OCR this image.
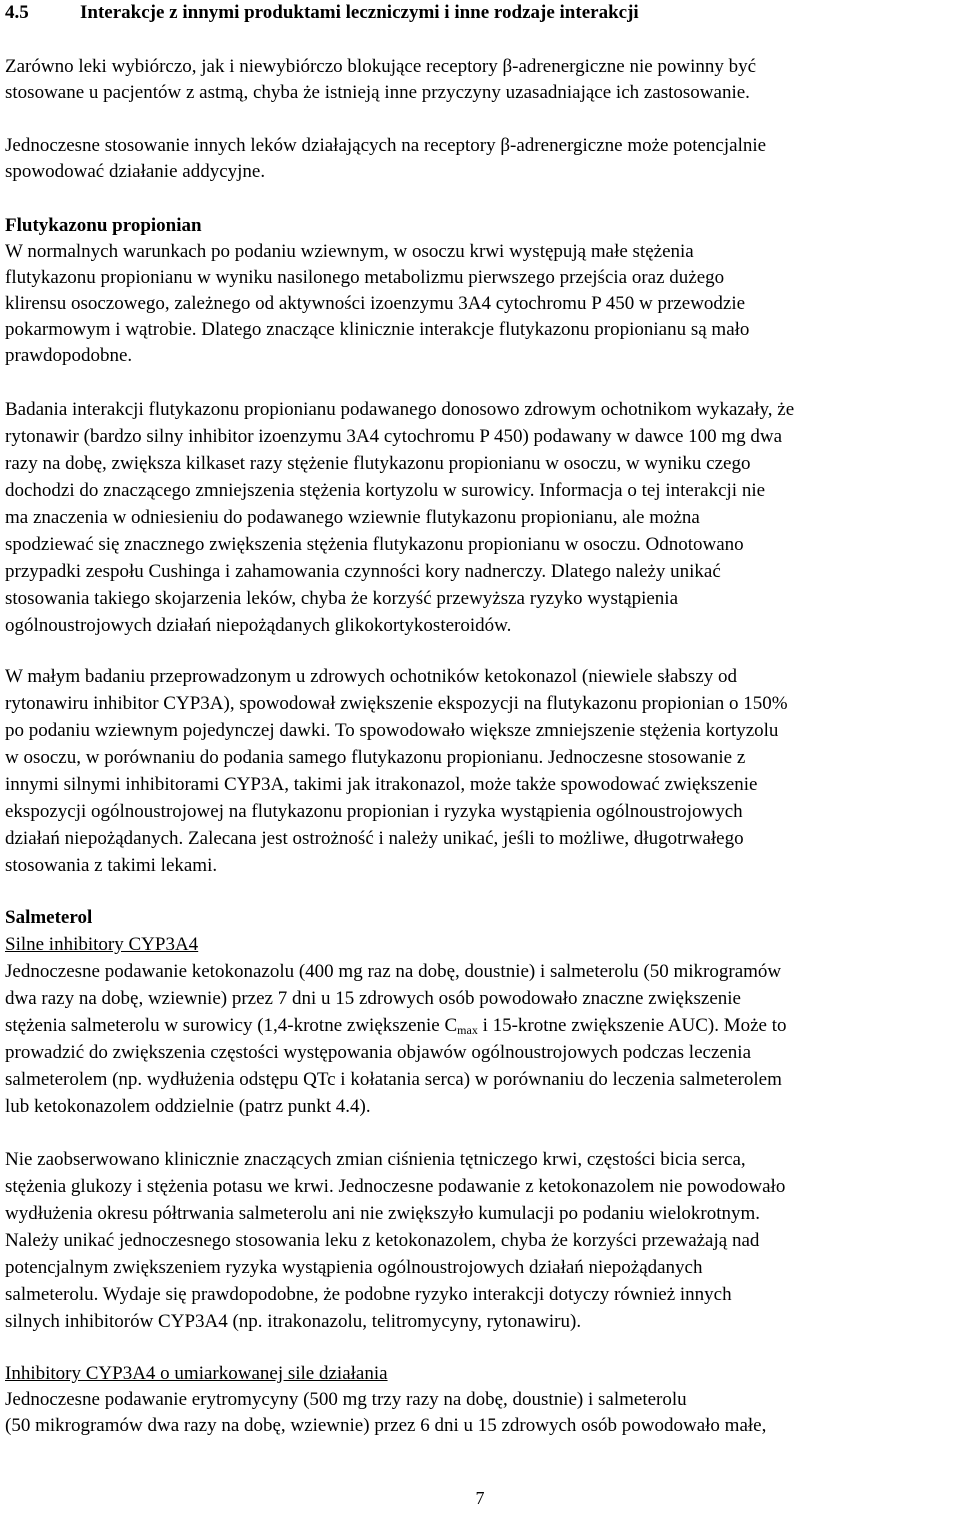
4.5	Interakcje z innymi produktami leczniczymi i inne rodzaje interakcji

Zarówno leki wybiórczo, jak i niewybiórczo blokujące receptory β-adrenergiczne nie powinny być

stosowane u pacjentów z astmą, chyba że istnieją inne przyczyny uzasadniające ich zastosowanie.

Jednoczesne stosowanie innych leków działających na receptory β-adrenergiczne może potencjalnie

spowodować działanie addycyjne.

Flutykazonu propionian

W normalnych warunkach po podaniu wziewnym, w osoczu krwi występują małe stężenia

flutykazonu propionianu w wyniku nasilonego metabolizmu pierwszego przejścia oraz dużego

klirensu osoczowego, zależnego od aktywności izoenzymu 3A4 cytochromu P 450 w przewodzie

pokarmowym i wątrobie. Dlatego znaczące klinicznie interakcje flutykazonu propionianu są mało

prawdopodobne.

Badania interakcji flutykazonu propionianu podawanego donosowo zdrowym ochotnikom wykazały, że

rytonawir (bardzo silny inhibitor izoenzymu 3A4 cytochromu P 450) podawany w dawce 100 mg dwa

razy na dobę, zwiększa kilkaset razy stężenie flutykazonu propionianu w osoczu, w wyniku czego

dochodzi do znaczącego zmniejszenia stężenia kortyzolu w surowicy. Informacja o tej interakcji nie

ma znaczenia w odniesieniu do podawanego wziewnie flutykazonu propionianu, ale można

spodziewać się znacznego zwiększenia stężenia flutykazonu propionianu w osoczu. Odnotowano

przypadki zespołu Cushinga i zahamowania czynności kory nadnerczy. Dlatego należy unikać

stosowania takiego skojarzenia leków, chyba że korzyść przewyższa ryzyko wystąpienia

ogólnoustrojowych działań niepożądanych glikokortykosteroidów.

W małym badaniu przeprowadzonym u zdrowych ochotników ketokonazol (niewiele słabszy od

rytonawiru inhibitor CYP3A), spowodował zwiększenie ekspozycji na flutykazonu propionian o 150%

po podaniu wziewnym pojedynczej dawki. To spowodowało większe zmniejszenie stężenia kortyzolu

w osoczu, w porównaniu do podania samego flutykazonu propionianu. Jednoczesne stosowanie z

innymi silnymi inhibitorami CYP3A, takimi jak itrakonazol, może także spowodować zwiększenie

ekspozycji ogólnoustrojowej na flutykazonu propionian i ryzyka wystąpienia ogólnoustrojowych

działań niepożądanych. Zalecana jest ostrożność i należy unikać, jeśli to możliwe, długotrwałego

stosowania z takimi lekami.

Salmeterol

Silne inhibitory CYP3A4

Jednoczesne podawanie ketokonazolu (400 mg raz na dobę, doustnie) i salmeterolu (50 mikrogramów

dwa razy na dobę, wziewnie) przez 7 dni u 15 zdrowych osób powodowało znaczne zwiększenie

stężenia salmeterolu w surowicy (1,4-krotne zwiększenie $C_{max}$ i 15-krotne zwiększenie AUC). Może to

prowadzić do zwiększenia częstości występowania objawów ogólnoustrojowych podczas leczenia

salmeterolem (np. wydłużenia odstępu QTc i kołatania serca) w porównaniu do leczenia salmeterolem

lub ketokonazolem oddzielnie (patrz punkt 4.4).

Nie zaobserwowano klinicznie znaczących zmian ciśnienia tętniczego krwi, częstości bicia serca,

stężenia glukozy i stężenia potasu we krwi. Jednoczesne podawanie z ketokonazolem nie powodowało

wydłużenia okresu półtrwania salmeterolu ani nie zwiększyło kumulacji po podaniu wielokrotnym.

Należy unikać jednoczesnego stosowania leku z ketokonazolem, chyba że korzyści przeważają nad

potencjalnym zwiększeniem ryzyka wystąpienia ogólnoustrojowych działań niepożądanych

salmeterolu. Wydaje się prawdopodobne, że podobne ryzyko interakcji dotyczy również innych

silnych inhibitorów CYP3A4 (np. itrakonazolu, telitromycyny, rytonawiru).

Inhibitory CYP3A4 o umiarkowanej sile działania

Jednoczesne podawanie erytromycyny (500 mg trzy razy na dobę, doustnie) i salmeterolu

(50 mikrogramów dwa razy na dobę, wziewnie) przez 6 dni u 15 zdrowych osób powodowało małe,

7
